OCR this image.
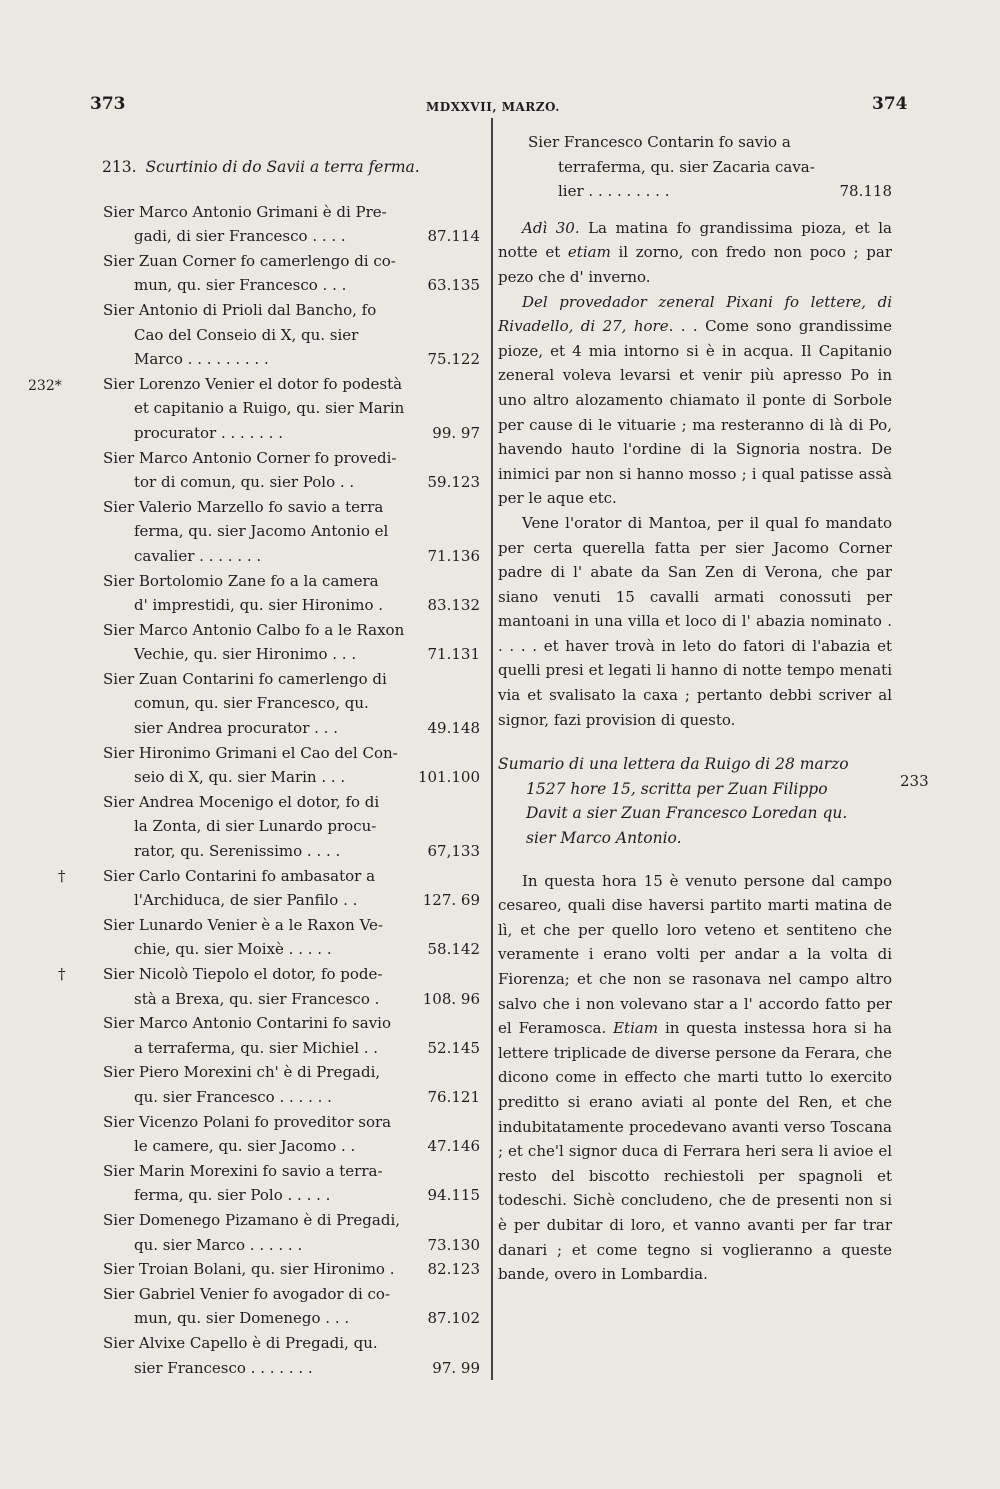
373	MDXXVII, MARZO.	374
232*
213. Scurtinio di do Savii a terra ferma.
Sier Marco Antonio Grimani è di Pre-
gadi, di sier Francesco . . . .	87.114
Sier Zuan Corner fo camerlengo di co-
mun, qu. sier Francesco . . .	63.135
Sier Antonio di Prioli dal Bancho, fo
Cao del Conseio di X, qu. sier
Marco . . . . . . . . .	75.122
Sier Lorenzo Venier el dotor fo podestà
et capitanio a Ruigo, qu. sier Marin
procurator . . . . . . .	99. 97
Sier Marco Antonio Corner fo provedi-
tor di comun, qu. sier Polo . .	59.123
Sier Valerio Marzello fo savio a terra
ferma, qu. sier Jacomo Antonio el
cavalier . . . . . . .	71.136
Sier Bortolomio Zane fo a la camera
d' imprestidi, qu. sier Hironimo .	83.132
Sier Marco Antonio Calbo fo a le Raxon
Vechie, qu. sier Hironimo . . .	71.131
Sier Zuan Contarini fo camerlengo di
comun, qu. sier Francesco, qu.
sier Andrea procurator . . .	49.148
Sier Hironimo Grimani el Cao del Con-
seio di X, qu. sier Marin . . .	101.100
Sier Andrea Mocenigo el dotor, fo di
la Zonta, di sier Lunardo procu-
rator, qu. Serenissimo . . . .	67,133
†	Sier Carlo Contarini fo ambasator a
l'Archiduca, de sier Panfilo . .	127. 69
Sier Lunardo Venier è a le Raxon Ve-
chie, qu. sier Moixè . . . . .	58.142
†	Sier Nicolò Tiepolo el dotor, fo pode-
stà a Brexa, qu. sier Francesco .	108. 96
Sier Marco Antonio Contarini fo savio
a terraferma, qu. sier Michiel . .	52.145
Sier Piero Morexini ch' è di Pregadi,
qu. sier Francesco . . . . . .	76.121
Sier Vicenzo Polani fo proveditor sora
le camere, qu. sier Jacomo . .	47.146
Sier Marin Morexini fo savio a terra-
ferma, qu. sier Polo . . . . .	94.115
Sier Domenego Pizamano è di Pregadi,
qu. sier Marco . . . . . .	73.130
Sier Troian Bolani, qu. sier Hironimo . 82.123
Sier Gabriel Venier fo avogador di co-
mun, qu. sier Domenego . . .	87.102
Sier Alvixe Capello è di Pregadi, qu.
sier Francesco . . . . . . .	97. 99
Sier Francesco Contarin fo savio a
terraferma, qu. sier Zacaria cava-
lier . . . . . . . . .	78.118

Adì 30. La matina fo grandissima pioza, et la notte et etiam il zorno, con fredo non poco ; par pezo che d' inverno.

Del provedador zeneral Pixani fo lettere, di Rivadello, di 27, hore. . . Come sono grandissime pioze, et 4 mia intorno si è in acqua. Il Capitanio zeneral voleva levarsi et venir più apresso Po in uno altro alozamento chiamato il ponte di Sorbole per cause di le vituarie ; ma resteranno di là di Po, havendo hauto l'ordine di la Signoria nostra. De inimici par non si hanno mosso ; i qual patisse assà per le aque etc.

Vene l'orator di Mantoa, per il qual fo mandato per certa querella fatta per sier Jacomo Corner padre di l' abate da San Zen di Verona, che par siano venuti 15 cavalli armati conossuti per mantoani in una villa et loco di l' abazia nominato . . . . . et haver trovà in leto do fatori di l'abazia et quelli presi et legati li hanno di notte tempo menati via et svalisato la caxa ; pertanto debbi scriver al signor, fazi provision di questo.

Sumario di una lettera da Ruigo di 28 marzo
1527 hore 15, scritta per Zuan Filippo
Davit a sier Zuan Francesco Loredan qu.
sier Marco Antonio.

In questa hora 15 è venuto persone dal campo cesareo, quali dise haversi partito marti matina de lì, et che per quello loro veteno et sentiteno che veramente i erano volti per andar a la volta di Fiorenza; et che non se rasonava nel campo altro salvo che i non volevano star a l' accordo fatto per el Feramosca. Etiam in questa instessa hora si ha lettere triplicade de diverse persone da Ferara, che dicono come in effecto che marti tutto lo exercito preditto si erano aviati al ponte del Ren, et che indubitatamente procedevano avanti verso Toscana ; et che'l signor duca di Ferrara heri sera li avioe el resto del biscotto rechiestoli per spagnoli et todeschi. Sichè concludeno, che de presenti non si è per dubitar di loro, et vanno avanti per far trar danari ; et come tegno si voglieranno a queste bande, overo in Lombardia.

233
